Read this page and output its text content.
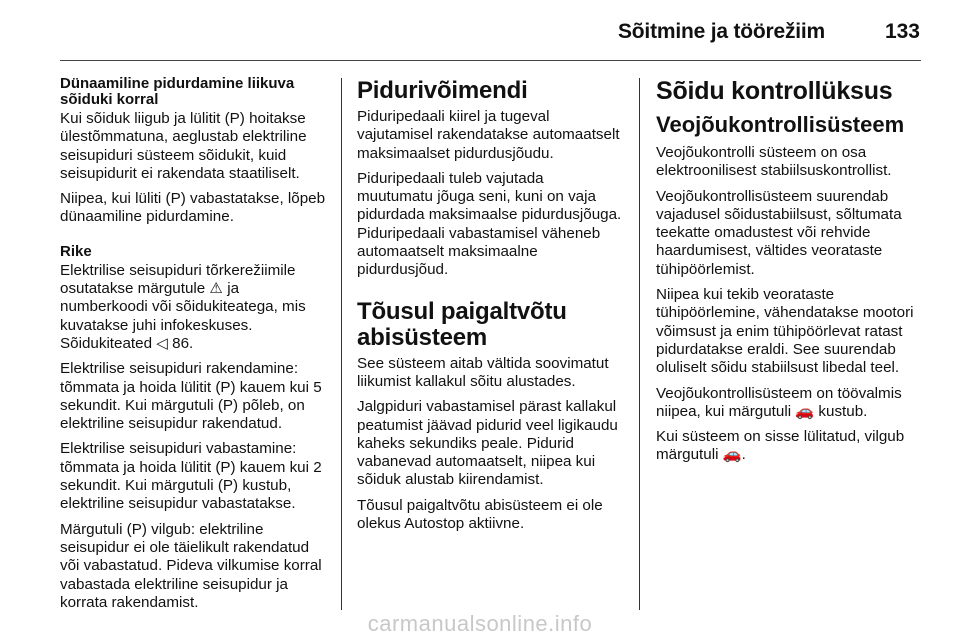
Sõitmine ja töörežiim	133
Dünaamiline pidurdamine liikuva sõiduki korral

Kui sõiduk liigub ja lülitit (P) hoitakse ülestõmmatuna, aeglustab elektriline seisupiduri süsteem sõidukit, kuid seisupidurit ei rakendata staatiliselt.

Niipea, kui lüliti (P) vabastatakse, lõpeb dünaamiline pidurdamine.

Rike

Elektrilise seisupiduri tõrkerežiimile osutatakse märgutule ⚠ ja numberkoodi või sõidukiteatega, mis kuvatakse juhi infokeskuses. Sõidukiteated ◁ 86.

Elektrilise seisupiduri rakendamine: tõmmata ja hoida lülitit (P) kauem kui 5 sekundit. Kui märgutuli (P) põleb, on elektriline seisupidur rakendatud.

Elektrilise seisupiduri vabastamine: tõmmata ja hoida lülitit (P) kauem kui 2 sekundit. Kui märgutuli (P) kustub, elektriline seisupidur vabastatakse.

Märgutuli (P) vilgub: elektriline seisupidur ei ole täielikult rakendatud või vabastatud. Pideva vilkumise korral vabastada elektriline seisupidur ja korrata rakendamist.

Pidurivõimendi

Piduripedaali kiirel ja tugeval vajutamisel rakendatakse automaatselt maksimaalset pidurdusjõudu.

Piduripedaali tuleb vajutada muutumatu jõuga seni, kuni on vaja pidurdada maksimaalse pidurdusjõuga. Piduripedaali vabastamisel väheneb automaatselt maksimaalne pidurdusjõud.

Tõusul paigaltvõtu abisüsteem

See süsteem aitab vältida soovimatut liikumist kallakul sõitu alustades.

Jalgpiduri vabastamisel pärast kallakul peatumist jäävad pidurid veel ligikaudu kaheks sekundiks peale. Pidurid vabanevad automaatselt, niipea kui sõiduk alustab kiirendamist.

Tõusul paigaltvõtu abisüsteem ei ole olekus Autostop aktiivne.

Sõidu kontrollüksus
Veojõukontrollisüsteem

Veojõukontrolli süsteem on osa elektroonilisest stabiilsuskontrollist.

Veojõukontrollisüsteem suurendab vajadusel sõidustabiilsust, sõltumata teekatte omadustest või rehvide haardumisest, vältides veorataste tühipöörlemist.

Niipea kui tekib veorataste tühipöörlemine, vähendatakse mootori võimsust ja enim tühipöörlevat ratast pidurdatakse eraldi. See suurendab oluliselt sõidu stabiilsust libedal teel.

Veojõukontrollisüsteem on töövalmis niipea, kui märgutuli 🚗 kustub.

Kui süsteem on sisse lülitatud, vilgub märgutuli 🚗.

carmanualsonline.info
